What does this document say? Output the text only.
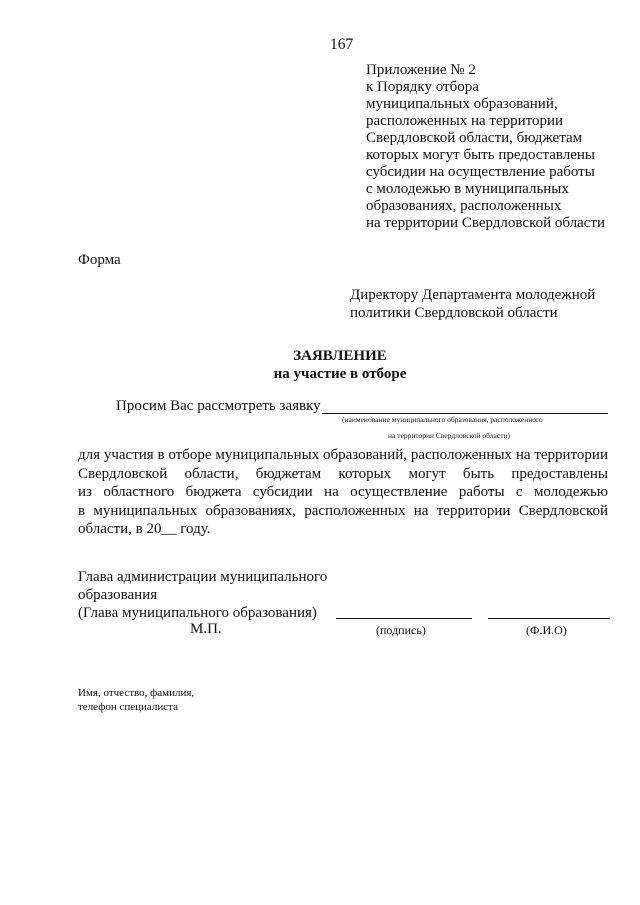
167
Приложение № 2
к Порядку отбора
муниципальных образований,
расположенных на территории
Свердловской области, бюджетам
которых могут быть предоставлены
субсидии на осуществление работы
с молодежью в муниципальных
образованиях, расположенных
на территории Свердловской области
Форма
Директору Департамента молодежной
политики Свердловской области
ЗАЯВЛЕНИЕ
на участие в отборе
Просим Вас рассмотреть заявку
(наименование муниципального образования, расположенного
на территории Свердловской области)
для участия в отборе муниципальных образований, расположенных на территории
Свердловской области, бюджетам которых могут быть предоставлены
из областного бюджета субсидии на осуществление работы с молодежью
в муниципальных образованиях, расположенных на территории Свердловской
области, в 20__ году.
Глава администрации муниципального
образования
(Глава муниципального образования)
М.П.	(подпись)	(Ф.И.О)
Имя, отчество, фамилия,
телефон специалиста
